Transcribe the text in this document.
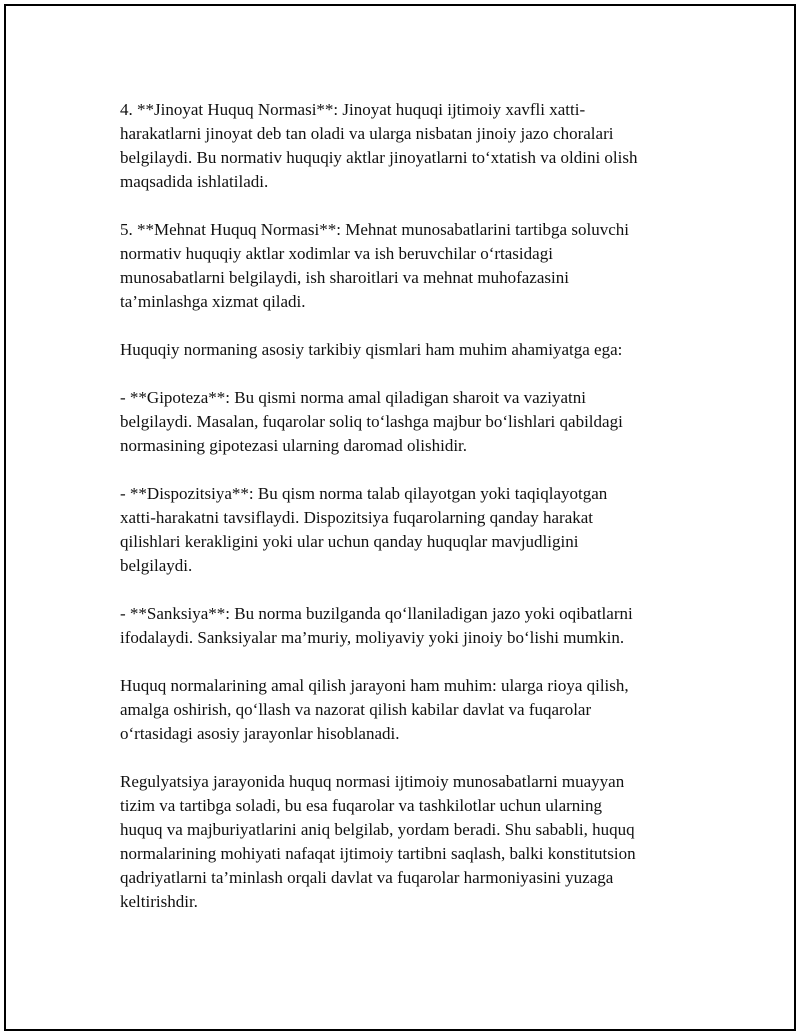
4. **Jinoyat Huquq Normasi**: Jinoyat huquqi ijtimoiy xavfli xatti-
harakatlarni jinoyat deb tan oladi va ularga nisbatan jinoiy jazo choralari
belgilaydi. Bu normativ huquqiy aktlar jinoyatlarni to‘xtatish va oldini olish
maqsadida ishlatiladi.

5. **Mehnat Huquq Normasi**: Mehnat munosabatlarini tartibga soluvchi
normativ huquqiy aktlar xodimlar va ish beruvchilar o‘rtasidagi
munosabatlarni belgilaydi, ish sharoitlari va mehnat muhofazasini
ta’minlashga xizmat qiladi.

Huquqiy normaning asosiy tarkibiy qismlari ham muhim ahamiyatga ega:

- **Gipoteza**: Bu qismi norma amal qiladigan sharoit va vaziyatni
belgilaydi. Masalan, fuqarolar soliq to‘lashga majbur bo‘lishlari qabildagi
normasining gipotezasi ularning daromad olishidir.

- **Dispozitsiya**: Bu qism norma talab qilayotgan yoki taqiqlayotgan
xatti-harakatni tavsiflaydi. Dispozitsiya fuqarolarning qanday harakat
qilishlari kerakligini yoki ular uchun qanday huquqlar mavjudligini
belgilaydi.

- **Sanksiya**: Bu norma buzilganda qo‘llaniladigan jazo yoki oqibatlarni
ifodalaydi. Sanksiyalar ma’muriy, moliyaviy yoki jinoiy bo‘lishi mumkin.

Huquq normalarining amal qilish jarayoni ham muhim: ularga rioya qilish,
amalga oshirish, qo‘llash va nazorat qilish kabilar davlat va fuqarolar
o‘rtasidagi asosiy jarayonlar hisoblanadi.

Regulyatsiya jarayonida huquq normasi ijtimoiy munosabatlarni muayyan
tizim va tartibga soladi, bu esa fuqarolar va tashkilotlar uchun ularning
huquq va majburiyatlarini aniq belgilab, yordam beradi. Shu sababli, huquq
normalarining mohiyati nafaqat ijtimoiy tartibni saqlash, balki konstitutsion
qadriyatlarni ta’minlash orqali davlat va fuqarolar harmoniyasini yuzaga
keltirishdir.
